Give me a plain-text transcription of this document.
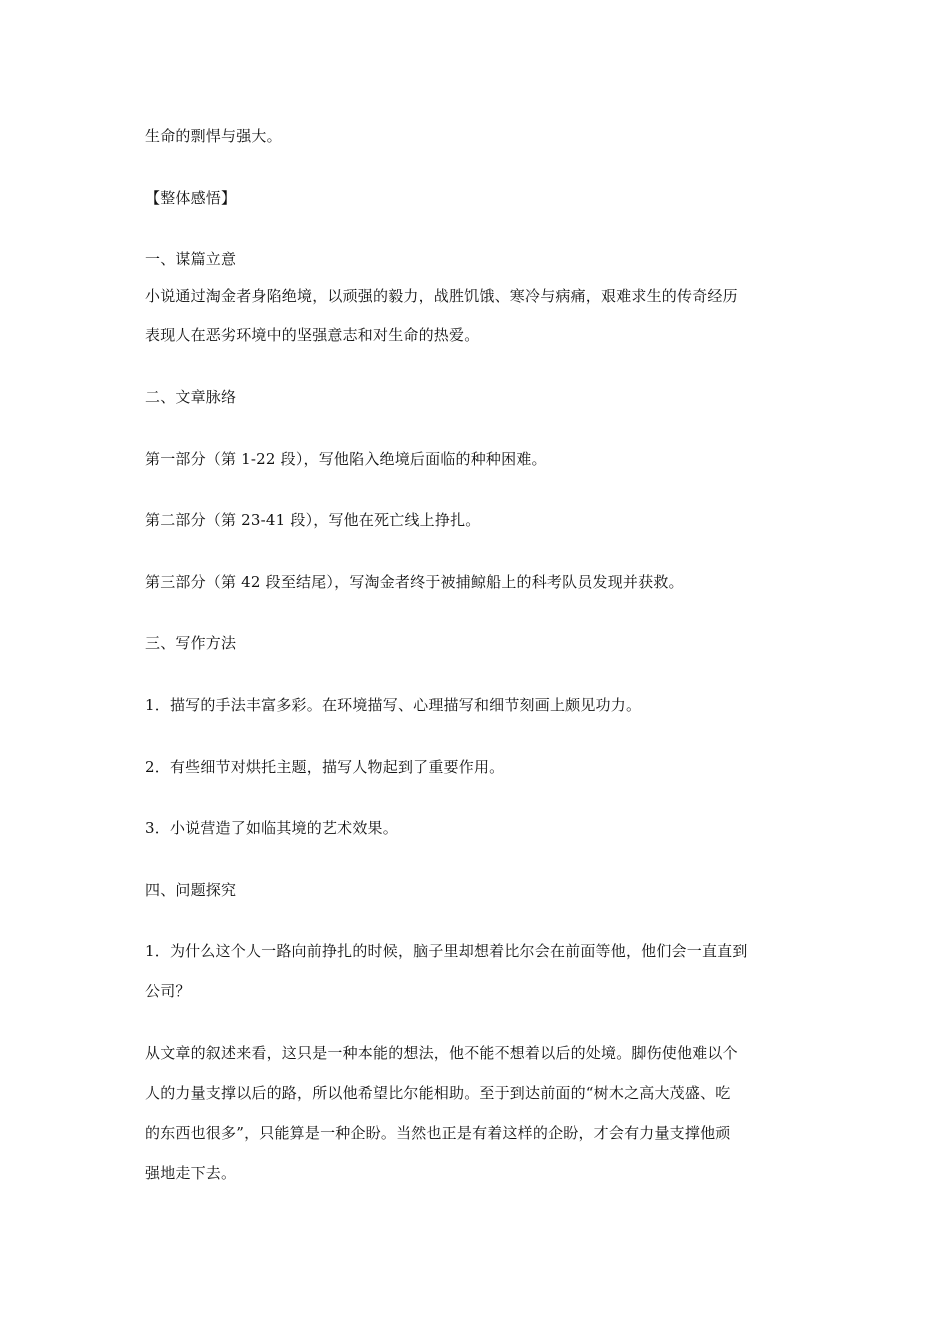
生命的剽悍与强大。
【整体感悟】
一、谋篇立意
小说通过淘金者身陷绝境，以顽强的毅力，战胜饥饿、寒冷与病痛，艰难求生的传奇经历
表现人在恶劣环境中的坚强意志和对生命的热爱。
二、文章脉络
第一部分（第 1-22 段），写他陷入绝境后面临的种种困难。
第二部分（第 23-41 段），写他在死亡线上挣扎。
第三部分（第 42 段至结尾），写淘金者终于被捕鲸船上的科考队员发现并获救。
三、写作方法
1．描写的手法丰富多彩。在环境描写、心理描写和细节刻画上颇见功力。
2．有些细节对烘托主题，描写人物起到了重要作用。
3．小说营造了如临其境的艺术效果。
四、问题探究
1．为什么这个人一路向前挣扎的时候，脑子里却想着比尔会在前面等他，他们会一直直到
公司？
从文章的叙述来看，这只是一种本能的想法，他不能不想着以后的处境。脚伤使他难以个
人的力量支撑以后的路，所以他希望比尔能相助。至于到达前面的“树木之高大茂盛、吃
的东西也很多”，只能算是一种企盼。当然也正是有着这样的企盼，才会有力量支撑他顽
强地走下去。
